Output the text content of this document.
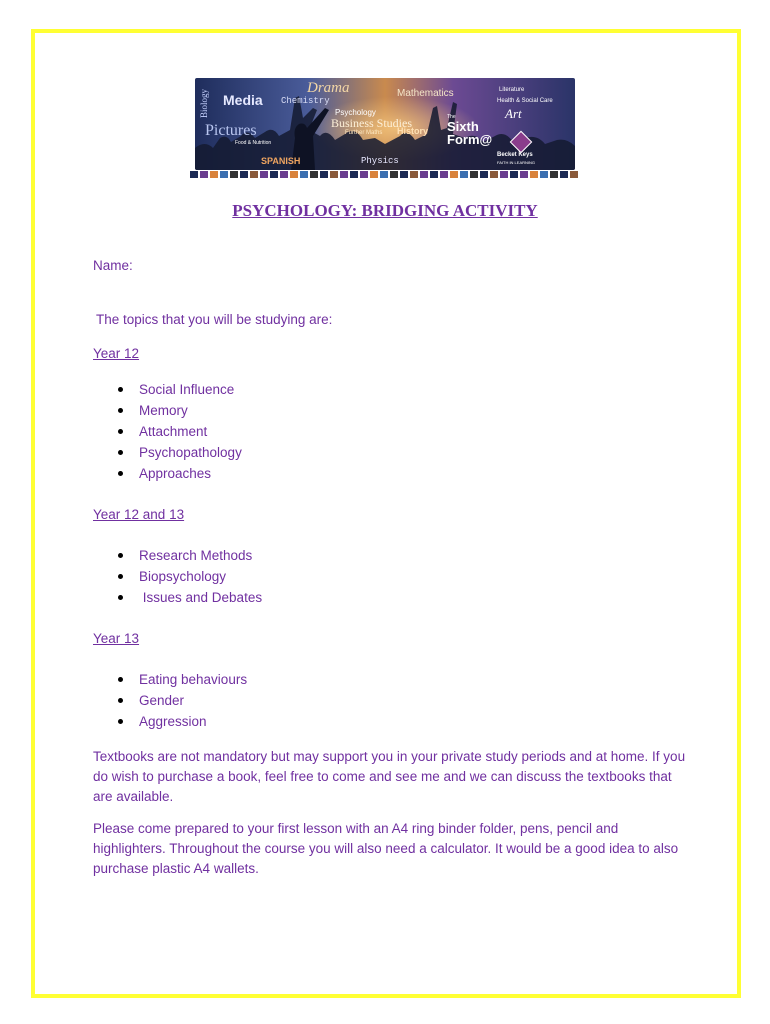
Biology Media
Drama
Chemistry
Mathematics	Literature
Health & Social Care
Psychology
Business Studies
Further Maths History
Art
Pictures
Food & Nutrition
SPANISH	Physics
The
Sixth
Form@
Becket Keys
FAITH IN LEARNING
PSYCHOLOGY: BRIDGING ACTIVITY
Name:
The topics that you will be studying are:
Year 12
Social Influence
Memory
Attachment
Psychopathology
Approaches
Year 12 and 13
Research Methods
Biopsychology
Issues and Debates
Year 13
Eating behaviours
Gender
Aggression
Textbooks are not mandatory but may support you in your private study periods and at home. If you do wish to purchase a book, feel free to come and see me and we can discuss the textbooks that are available.
Please come prepared to your first lesson with an A4 ring binder folder, pens, pencil and highlighters. Throughout the course you will also need a calculator. It would be a good idea to also purchase plastic A4 wallets.
